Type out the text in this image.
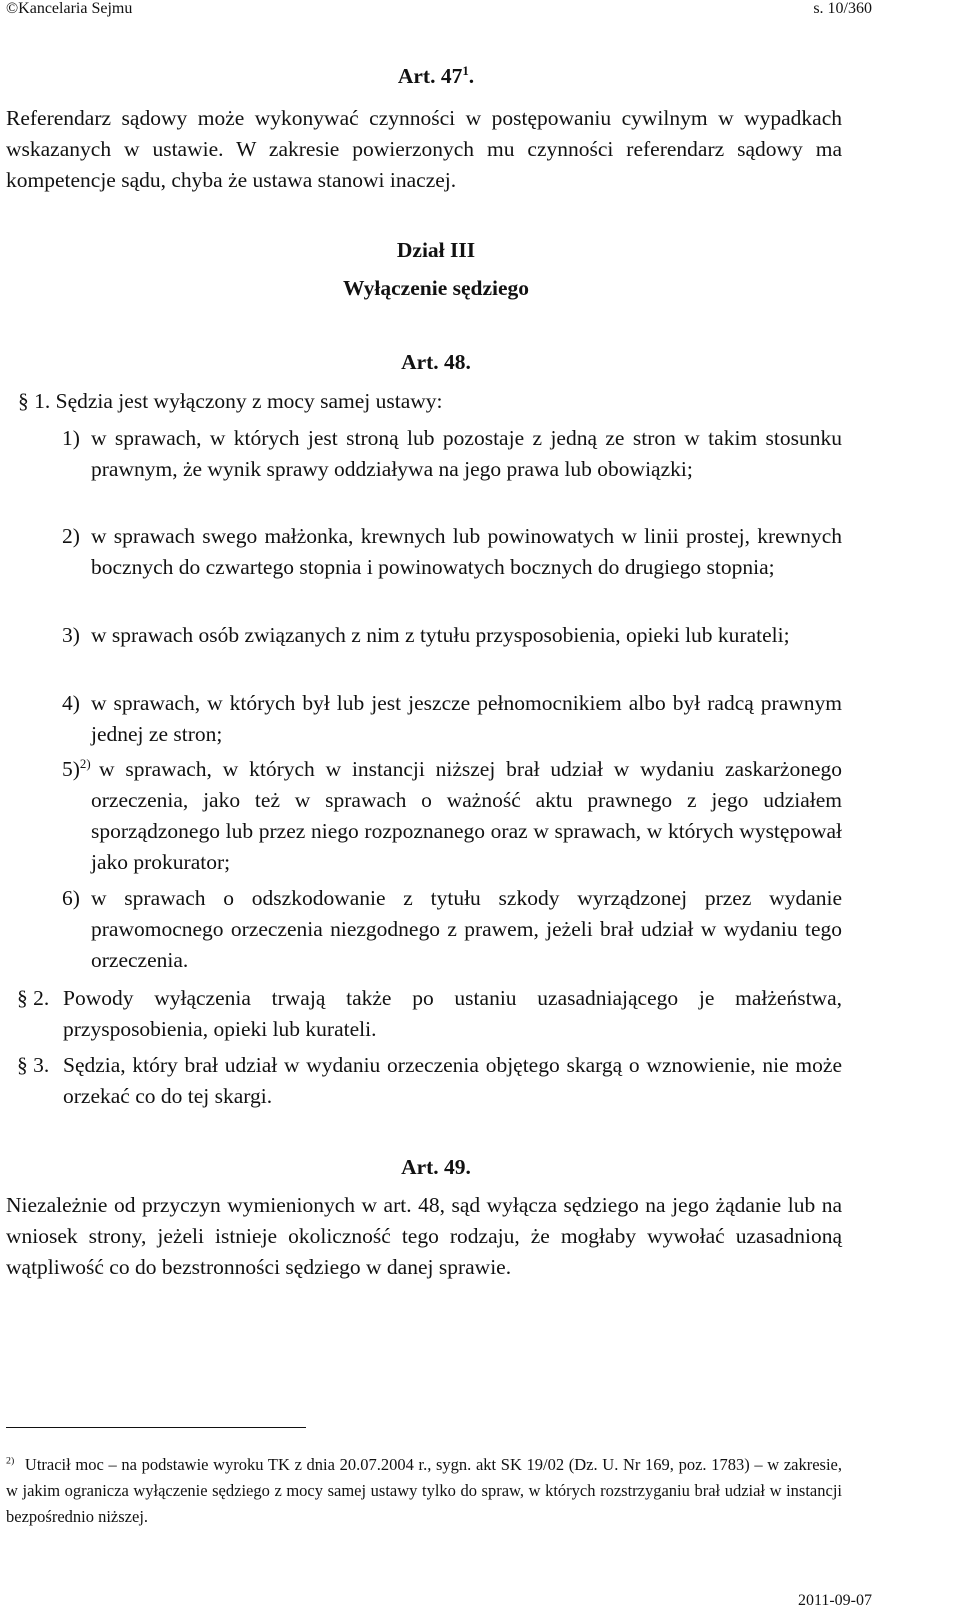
©Kancelaria Sejmu	s. 10/360
Art. $47^1$.
Referendarz sądowy może wykonywać czynności w postępowaniu cywilnym w wypadkach wskazanych w ustawie. W zakresie powierzonych mu czynności referendarz sądowy ma kompetencje sądu, chyba że ustawa stanowi inaczej.
Dział III
Wyłączenie sędziego
Art. 48.
§ 1. Sędzia jest wyłączony z mocy samej ustawy:
1) w sprawach, w których jest stroną lub pozostaje z jedną ze stron w takim stosunku prawnym, że wynik sprawy oddziaływa na jego prawa lub obowiązki;
2) w sprawach swego małżonka, krewnych lub powinowatych w linii prostej, krewnych bocznych do czwartego stopnia i powinowatych bocznych do drugiego stopnia;
3) w sprawach osób związanych z nim z tytułu przysposobienia, opieki lub kurateli;
4) w sprawach, w których był lub jest jeszcze pełnomocnikiem albo był radcą prawnym jednej ze stron;
5)$^{2)}$ w sprawach, w których w instancji niższej brał udział w wydaniu zaskarżonego orzeczenia, jako też w sprawach o ważność aktu prawnego z jego udziałem sporządzonego lub przez niego rozpoznanego oraz w sprawach, w których występował jako prokurator;
6) w sprawach o odszkodowanie z tytułu szkody wyrządzonej przez wydanie prawomocnego orzeczenia niezgodnego z prawem, jeżeli brał udział w wydaniu tego orzeczenia.
§ 2. Powody wyłączenia trwają także po ustaniu uzasadniającego je małżeństwa, przysposobienia, opieki lub kurateli.
§ 3. Sędzia, który brał udział w wydaniu orzeczenia objętego skargą o wznowienie, nie może orzekać co do tej skargi.
Art. 49.
Niezależnie od przyczyn wymienionych w art. 48, sąd wyłącza sędziego na jego żądanie lub na wniosek strony, jeżeli istnieje okoliczność tego rodzaju, że mogłaby wywołać uzasadnioną wątpliwość co do bezstronności sędziego w danej sprawie.
$^{2)}$ Utracił moc – na podstawie wyroku TK z dnia 20.07.2004 r., sygn. akt SK 19/02 (Dz. U. Nr 169, poz. 1783) – w zakresie, w jakim ogranicza wyłączenie sędziego z mocy samej ustawy tylko do spraw, w których rozstrzyganiu brał udział w instancji bezpośrednio niższej.
2011-09-07
